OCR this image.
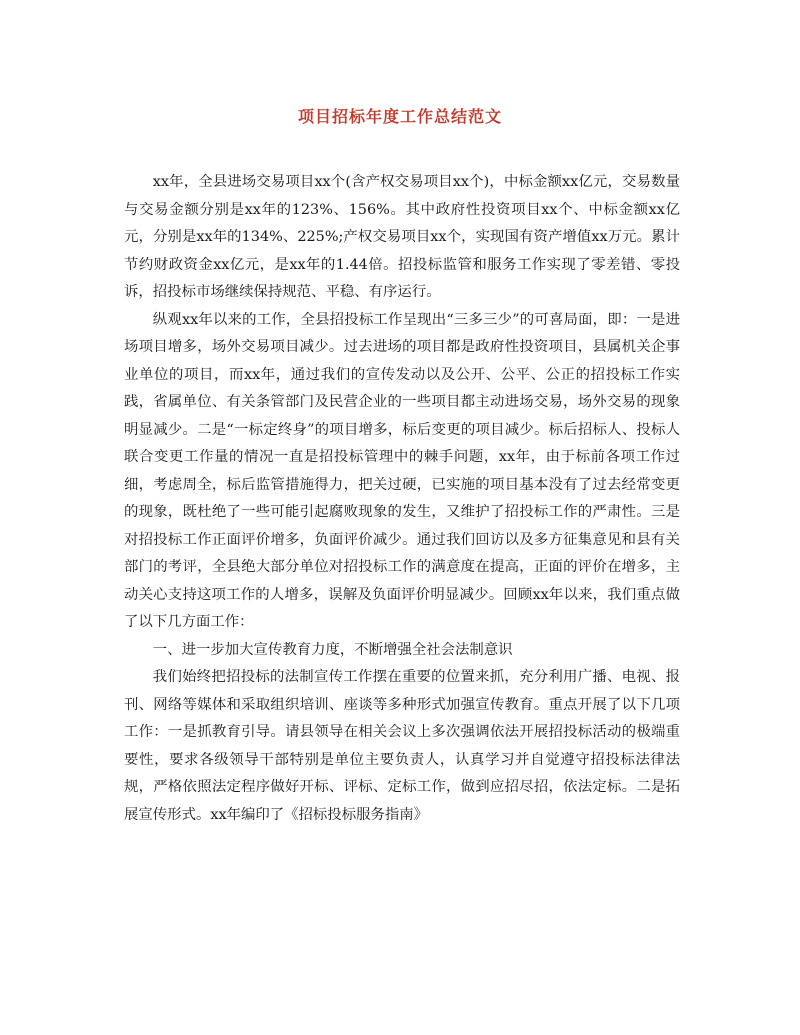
项目招标年度工作总结范文

xx年，全县进场交易项目xx个(含产权交易项目xx个)，中标金额xx亿元，交易数量与交易金额分别是xx年的123%、156%。其中政府性投资项目xx个、中标金额xx亿元，分别是xx年的134%、225%;产权交易项目xx个，实现国有资产增值xx万元。累计节约财政资金xx亿元，是xx年的1.44倍。招投标监管和服务工作实现了零差错、零投诉，招投标市场继续保持规范、平稳、有序运行。

纵观xx年以来的工作，全县招投标工作呈现出“三多三少”的可喜局面，即：一是进场项目增多，场外交易项目减少。过去进场的项目都是政府性投资项目，县属机关企事业单位的项目，而xx年，通过我们的宣传发动以及公开、公平、公正的招投标工作实践，省属单位、有关条管部门及民营企业的一些项目都主动进场交易，场外交易的现象明显减少。二是“一标定终身”的项目增多，标后变更的项目减少。标后招标人、投标人联合变更工作量的情况一直是招投标管理中的棘手问题，xx年，由于标前各项工作过细，考虑周全，标后监管措施得力，把关过硬，已实施的项目基本没有了过去经常变更的现象，既杜绝了一些可能引起腐败现象的发生，又维护了招投标工作的严肃性。三是对招投标工作正面评价增多，负面评价减少。通过我们回访以及多方征集意见和县有关部门的考评，全县绝大部分单位对招投标工作的满意度在提高，正面的评价在增多，主动关心支持这项工作的人增多，误解及负面评价明显减少。回顾xx年以来，我们重点做了以下几方面工作：

一、进一步加大宣传教育力度，不断增强全社会法制意识

我们始终把招投标的法制宣传工作摆在重要的位置来抓，充分利用广播、电视、报刊、网络等媒体和采取组织培训、座谈等多种形式加强宣传教育。重点开展了以下几项工作：一是抓教育引导。请县领导在相关会议上多次强调依法开展招投标活动的极端重要性，要求各级领导干部特别是单位主要负责人，认真学习并自觉遵守招投标法律法规，严格依照法定程序做好开标、评标、定标工作，做到应招尽招，依法定标。二是拓展宣传形式。xx年编印了《招标投标服务指南》
